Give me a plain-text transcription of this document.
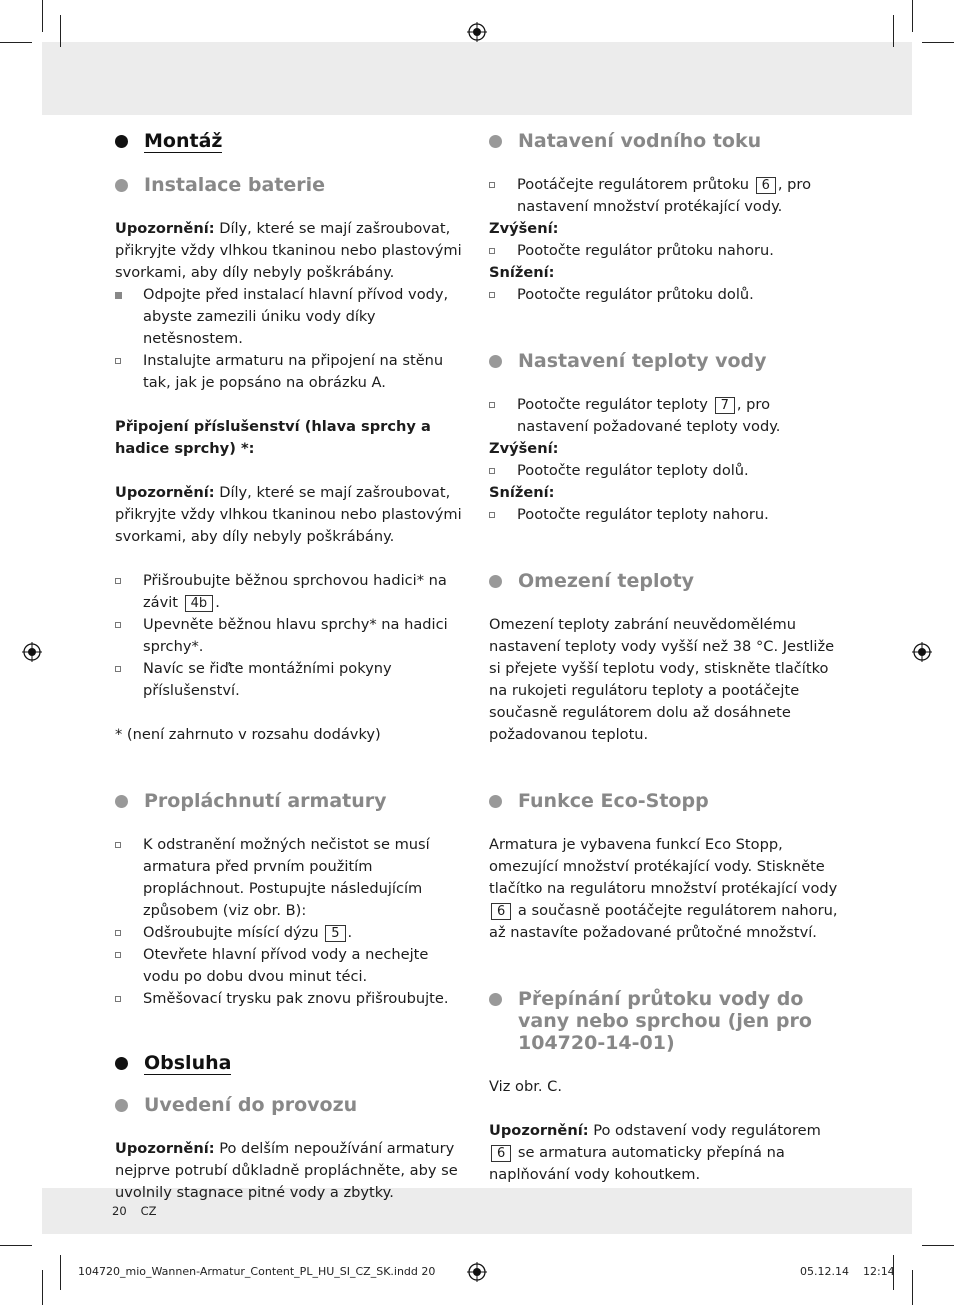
Montáž
Instalace baterie

Upozornění: Díly, které se mají zašroubovat, přikryjte vždy vlhkou tkaninou nebo plastovými svorkami, aby díly nebyly poškrábány.

Odpojte před instalací hlavní přívod vody, abyste zamezili úniku vody díky netěsnostem.
Instalujte armaturu na připojení na stěnu tak, jak je popsáno na obrázku A.

Připojení příslušenství (hlava sprchy a hadice sprchy) *:

Upozornění: Díly, které se mají zašroubovat, přikryjte vždy vlhkou tkaninou nebo plastovými svorkami, aby díly nebyly poškrábány.

Přišroubujte běžnou sprchovou hadici* na závit 4b .
Upevněte běžnou hlavu sprchy* na hadici sprchy*.
Navíc se řiďte montážními pokyny příslušenství.

* (není zahrnuto v rozsahu dodávky)

Propláchnutí armatury
K odstranění možných nečistot se musí armatura před prvním použitím propláchnout. Postupujte následujícím způsobem (viz obr. B):
Odšroubujte mísící dýzu 5 .
Otevřete hlavní přívod vody a nechejte vodu po dobu dvou minut téci.
Směšovací trysku pak znovu přišroubujte.
Obsluha
Uvedení do provozu

Upozornění: Po delším nepoužívání armatury nejprve potrubí důkladně propláchněte, aby se uvolnily stagnace pitné vody a zbytky.

Natavení vodního toku
Pootáčejte regulátorem průtoku 6 , pro nastavení množství protékající vody.

Zvýšení:

Pootočte regulátor průtoku nahoru.

Snížení:

Pootočte regulátor průtoku dolů.
Nastavení teploty vody
Pootočte regulátor teploty 7 , pro nastavení požadované teploty vody.

Zvýšení:

Pootočte regulátor teploty dolů.

Snížení:

Pootočte regulátor teploty nahoru.
Omezení teploty

Omezení teploty zabrání neuvědomělému nastavení teploty vody vyšší než 38 °C. Jestliže si přejete vyšší teplotu vody, stiskněte tlačítko na rukojeti regulátoru teploty a pootáčejte současně regulátorem dolu až dosáhnete požadovanou teplotu.

Funkce Eco-Stopp

Armatura je vybavena funkcí Eco Stopp, omezující množství protékající vody. Stiskněte tlačítko na regulátoru množství protékající vody 6 a současně pootáčejte regulátorem nahoru, až nastavíte požadované průtočné množství.

Přepínání průtoku vody do vany nebo sprchou (jen pro 104720-14-01)

Viz obr. C.

Upozornění: Po odstavení vody regulátorem 6 se armatura automaticky přepíná na naplňování vody kohoutkem.

20 CZ
104720_mio_Wannen-Armatur_Content_PL_HU_SI_CZ_SK.indd 20	05.12.14 12:14
